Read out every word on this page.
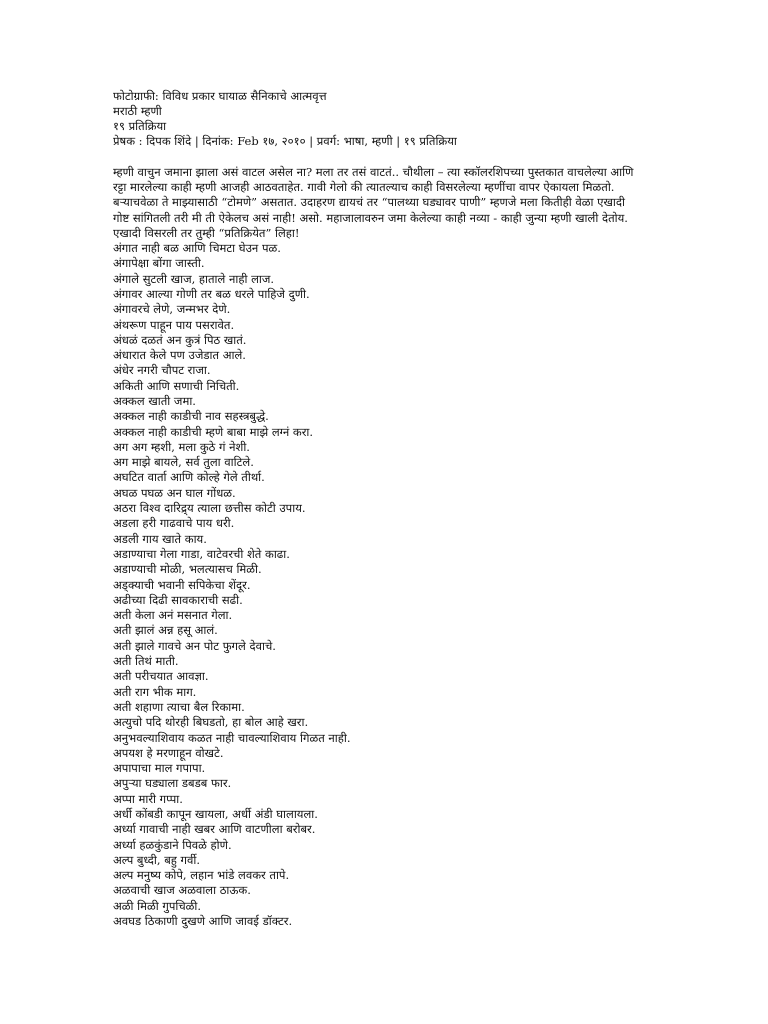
फोटोग्राफी: विविध प्रकार घायाळ सैनिकाचे आत्मवृत्त
मराठी म्हणी
१९ प्रतिक्रिया
प्रेषक : दिपक शिंदे | दिनांक: Feb १७, २०१० | प्रवर्ग: भाषा, म्हणी | १९ प्रतिक्रिया
म्हणी वाचुन जमाना झाला असं वाटल असेल ना? मला तर तसं वाटतं.. चौथीला – त्या स्कॉलरशिपच्या पुस्तकात वाचलेल्या आणि
रट्टा मारलेल्या काही म्हणी आजही आठवताहेत. गावी गेलो की त्यातल्याच काही विसरलेल्या म्हणींचा वापर ऐकायला मिळतो.
बऱ्याचवेळा ते माझ्यासाठी “टोमणे” असतात. उदाहरण द्यायचं तर “पालथ्या घड्यावर पाणी” म्हणजे मला कितीही वेळा एखादी
गोष्ट सांगितली तरी मी ती ऐकेलच असं नाही! असो. महाजालावरुन जमा केलेल्या काही नव्या - काही जुन्या म्हणी खाली देतोय.
एखादी विसरली तर तुम्ही “प्रतिक्रियेत” लिहा!
अंगात नाही बळ आणि चिमटा घेउन पळ.
अंगापेक्षा बोंगा जास्ती.
अंगाले सुटली खाज, हाताले नाही लाज.
अंगावर आल्या गोणी तर बळ धरले पाहिजे दुणी.
अंगावरचे लेणे, जन्मभर देणे.
अंथरूण पाहून पाय पसरावेत.
अंधळं दळतं अन कुत्रं पिठ खातं.
अंधारात केले पण उजेडात आले.
अंधेर नगरी चौपट राजा.
अकिती आणि सणाची निचिती.
अक्कल खाती जमा.
अक्कल नाही काडीची नाव सहस्त्रबुद्धे.
अक्कल नाही काडीची म्हणे बाबा माझे लग्नं करा.
अग अग म्हशी, मला कुठे गं नेशी.
अग माझे बायले, सर्व तुला वाटिले.
अघटित वार्ता आणि कोल्हे गेले तीर्था.
अघळ पघळ अन घाल गोंधळ.
अठरा विश्व दारिद्र्य त्याला छत्तीस कोटी उपाय.
अडला हरी गाढवाचे पाय धरी.
अडली गाय खाते काय.
अडाण्याचा गेला गाडा, वाटेवरची शेते काढा.
अडाण्याची मोळी, भलत्यासच मिळी.
अड्क्याची भवानी सपिकेचा शेंदूर.
अढीच्या दिढी सावकाराची सढी.
अती केला अनं मसनात गेला.
अती झालं अन्न हसू आलं.
अती झाले गावचे अन पोट फुगले देवाचे.
अती तिथं माती.
अती परीचयात आवज्ञा.
अती राग भीक माग.
अती शहाणा त्याचा बैल रिकामा.
अत्युचो पदि थोरही बिघडतो, हा बोल आहे खरा.
अनुभवल्याशिवाय कळत नाही चावल्याशिवाय गिळत नाही.
अपयश हे मरणाहून वोखटे.
अपापाचा माल गपापा.
अपुऱ्या घड्याला डबडब फार.
अप्पा मारी गप्पा.
अर्धी कोंबडी कापून खायला, अर्धी अंडी घालायला.
अर्ध्या गावाची नाही खबर आणि वाटणीला बरोबर.
अर्ध्या हळकुंडाने पिवळे होणे.
अल्प बुध्दी, बहु गर्वी.
अल्प मनुष्य कोपे, लहान भांडे लवकर तापे.
अळवाची खाज अळवाला ठाऊक.
अळी मिळी गुपचिळी.
अवघड ठिकाणी दुखणे आणि जावई डॉक्टर.
